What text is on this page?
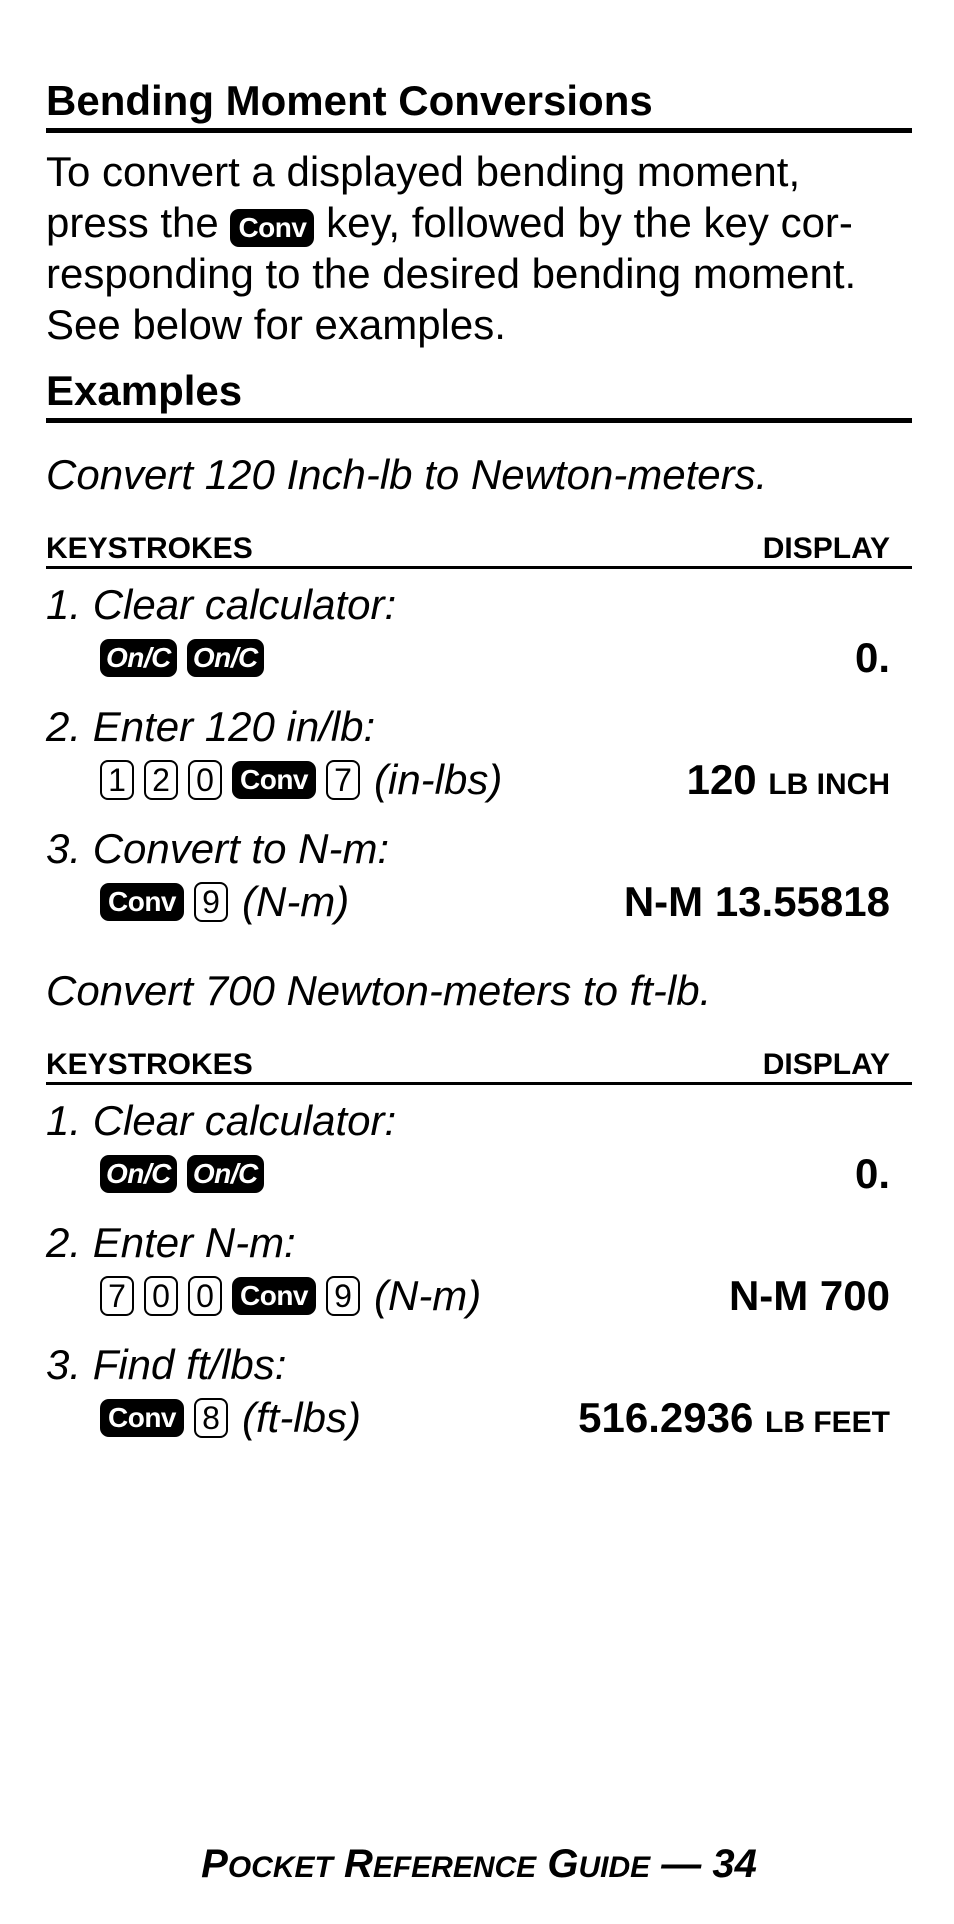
Bending Moment Conversions
To convert a displayed bending moment,
press the Conv key, followed by the key cor-
responding to the desired bending moment.
See below for examples.
Examples
Convert 120 Inch-lb to Newton-meters.
KEYSTROKES	DISPLAY
1. Clear calculator:
On/C On/C	0.
2. Enter 120 in/lb:
1 2 0 Conv 7 (in-lbs)	120 LB INCH
3. Convert to N-m:
Conv 9 (N-m)	N-M 13.55818
Convert 700 Newton-meters to ft-lb.
KEYSTROKES	DISPLAY
1. Clear calculator:
On/C On/C	0.
2. Enter N-m:
7 0 0 Conv 9 (N-m)	N-M 700
3. Find ft/lbs:
Conv 8 (ft-lbs)	516.2936 LB FEET
POCKET REFERENCE GUIDE — 34
